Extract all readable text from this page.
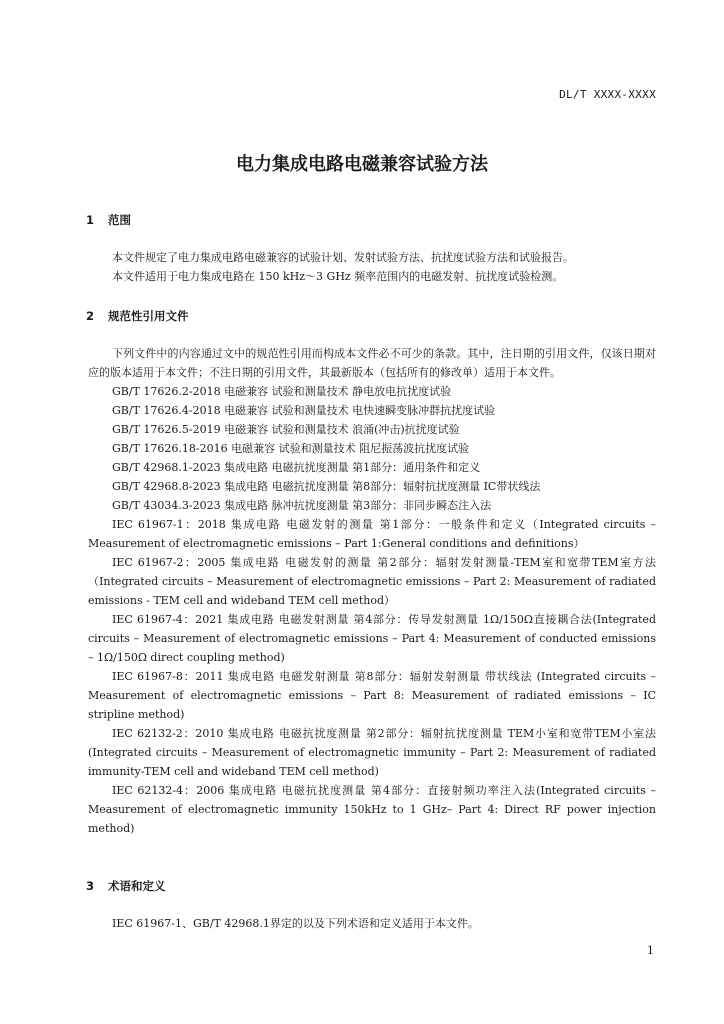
DL/T XXXX-XXXX
电力集成电路电磁兼容试验方法
1 范围
本文件规定了电力集成电路电磁兼容的试验计划、发射试验方法、抗扰度试验方法和试验报告。
本文件适用于电力集成电路在 150 kHz～3 GHz 频率范围内的电磁发射、抗扰度试验检测。
2 规范性引用文件
下列文件中的内容通过文中的规范性引用而构成本文件必不可少的条款。其中，注日期的引用文件，仅该日期对应的版本适用于本文件；不注日期的引用文件，其最新版本（包括所有的修改单）适用于本文件。
GB/T 17626.2-2018 电磁兼容 试验和测量技术 静电放电抗扰度试验
GB/T 17626.4-2018 电磁兼容 试验和测量技术 电快速瞬变脉冲群抗扰度试验
GB/T 17626.5-2019 电磁兼容 试验和测量技术 浪涌(冲击)抗扰度试验
GB/T 17626.18-2016 电磁兼容 试验和测量技术 阻尼振荡波抗扰度试验
GB/T 42968.1-2023 集成电路 电磁抗扰度测量 第1部分：通用条件和定义
GB/T 42968.8-2023 集成电路 电磁抗扰度测量 第8部分：辐射抗扰度测量 IC带状线法
GB/T 43034.3-2023 集成电路 脉冲抗扰度测量 第3部分：非同步瞬态注入法
IEC 61967-1：2018 集成电路 电磁发射的测量 第1部分：一般条件和定义（Integrated circuits – Measurement of electromagnetic emissions – Part 1:General conditions and definitions）
IEC 61967-2：2005 集成电路 电磁发射的测量 第2部分：辐射发射测量-TEM室和宽带TEM室方法（Integrated circuits – Measurement of electromagnetic emissions – Part 2: Measurement of radiated emissions - TEM cell and wideband TEM cell method）
IEC 61967-4：2021 集成电路 电磁发射测量 第4部分：传导发射测量 1Ω/150Ω直接耦合法(Integrated circuits – Measurement of electromagnetic emissions – Part 4: Measurement of conducted emissions – 1Ω/150Ω direct coupling method)
IEC 61967-8：2011 集成电路 电磁发射测量 第8部分：辐射发射测量 带状线法 (Integrated circuits – Measurement of electromagnetic emissions – Part 8: Measurement of radiated emissions – IC stripline method)
IEC 62132-2：2010 集成电路 电磁抗扰度测量 第2部分：辐射抗扰度测量 TEM小室和宽带TEM小室法(Integrated circuits – Measurement of electromagnetic immunity – Part 2: Measurement of radiated immunity-TEM cell and wideband TEM cell method)
IEC 62132-4：2006 集成电路 电磁抗扰度测量 第4部分：直接射频功率注入法(Integrated circuits – Measurement of electromagnetic immunity 150kHz to 1 GHz– Part 4: Direct RF power injection method)
3 术语和定义
IEC 61967-1、GB/T 42968.1界定的以及下列术语和定义适用于本文件。
1
